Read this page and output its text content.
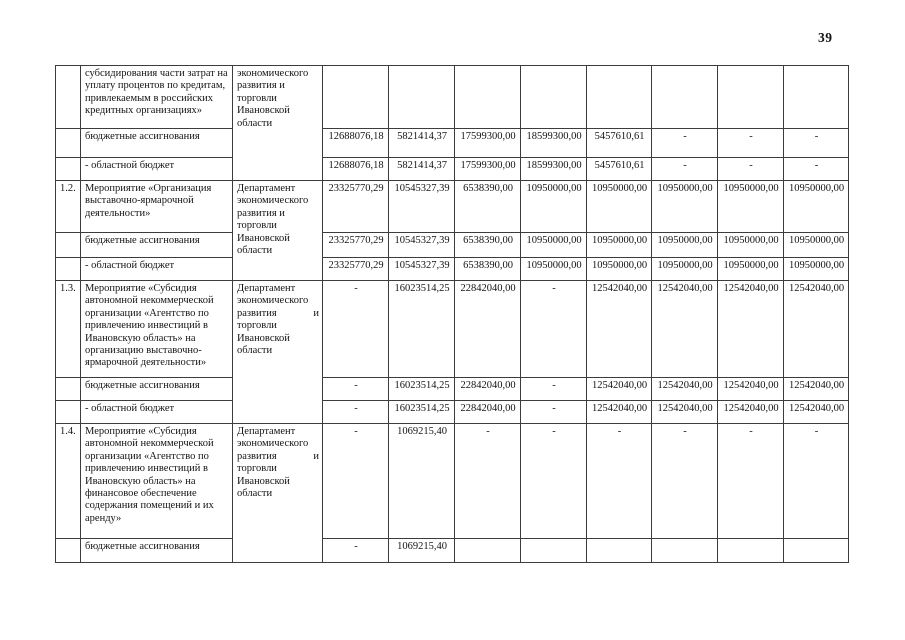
39
	субсидирования части затрат на уплату процентов по кредитам, привлекаемым в российских кредитных организациях»	экономического развития и торговли Ивановской области								
	бюджетные ассигнования		12688076,18	5821414,37	17599300,00	18599300,00	5457610,61	-	-	-
	- областной бюджет		12688076,18	5821414,37	17599300,00	18599300,00	5457610,61	-	-	-
1.2.	Мероприятие «Организация выставочно-ярмарочной деятельности»	Департамент экономического развития и торговли Ивановской области	23325770,29	10545327,39	6538390,00	10950000,00	10950000,00	10950000,00	10950000,00	10950000,00
	бюджетные ассигнования		23325770,29	10545327,39	6538390,00	10950000,00	10950000,00	10950000,00	10950000,00	10950000,00
	- областной бюджет		23325770,29	10545327,39	6538390,00	10950000,00	10950000,00	10950000,00	10950000,00	10950000,00
1.3.	Мероприятие «Субсидия автономной некоммерческой организации «Агентство по привлечению инвестиций в Ивановскую область» на организацию выставочно-ярмарочной деятельности»	Департамент экономического развития и торговли Ивановской области	-	16023514,25	22842040,00	-	12542040,00	12542040,00	12542040,00	12542040,00
	бюджетные ассигнования		-	16023514,25	22842040,00	-	12542040,00	12542040,00	12542040,00	12542040,00
	- областной бюджет		-	16023514,25	22842040,00	-	12542040,00	12542040,00	12542040,00	12542040,00
1.4.	Мероприятие «Субсидия автономной некоммерческой организации «Агентство по привлечению инвестиций в Ивановскую область» на финансовое обеспечение содержания помещений и их аренду»	Департамент экономического развития и торговли Ивановской области	-	1069215,40	-	-	-	-	-	-
	бюджетные ассигнования		-	1069215,40						
